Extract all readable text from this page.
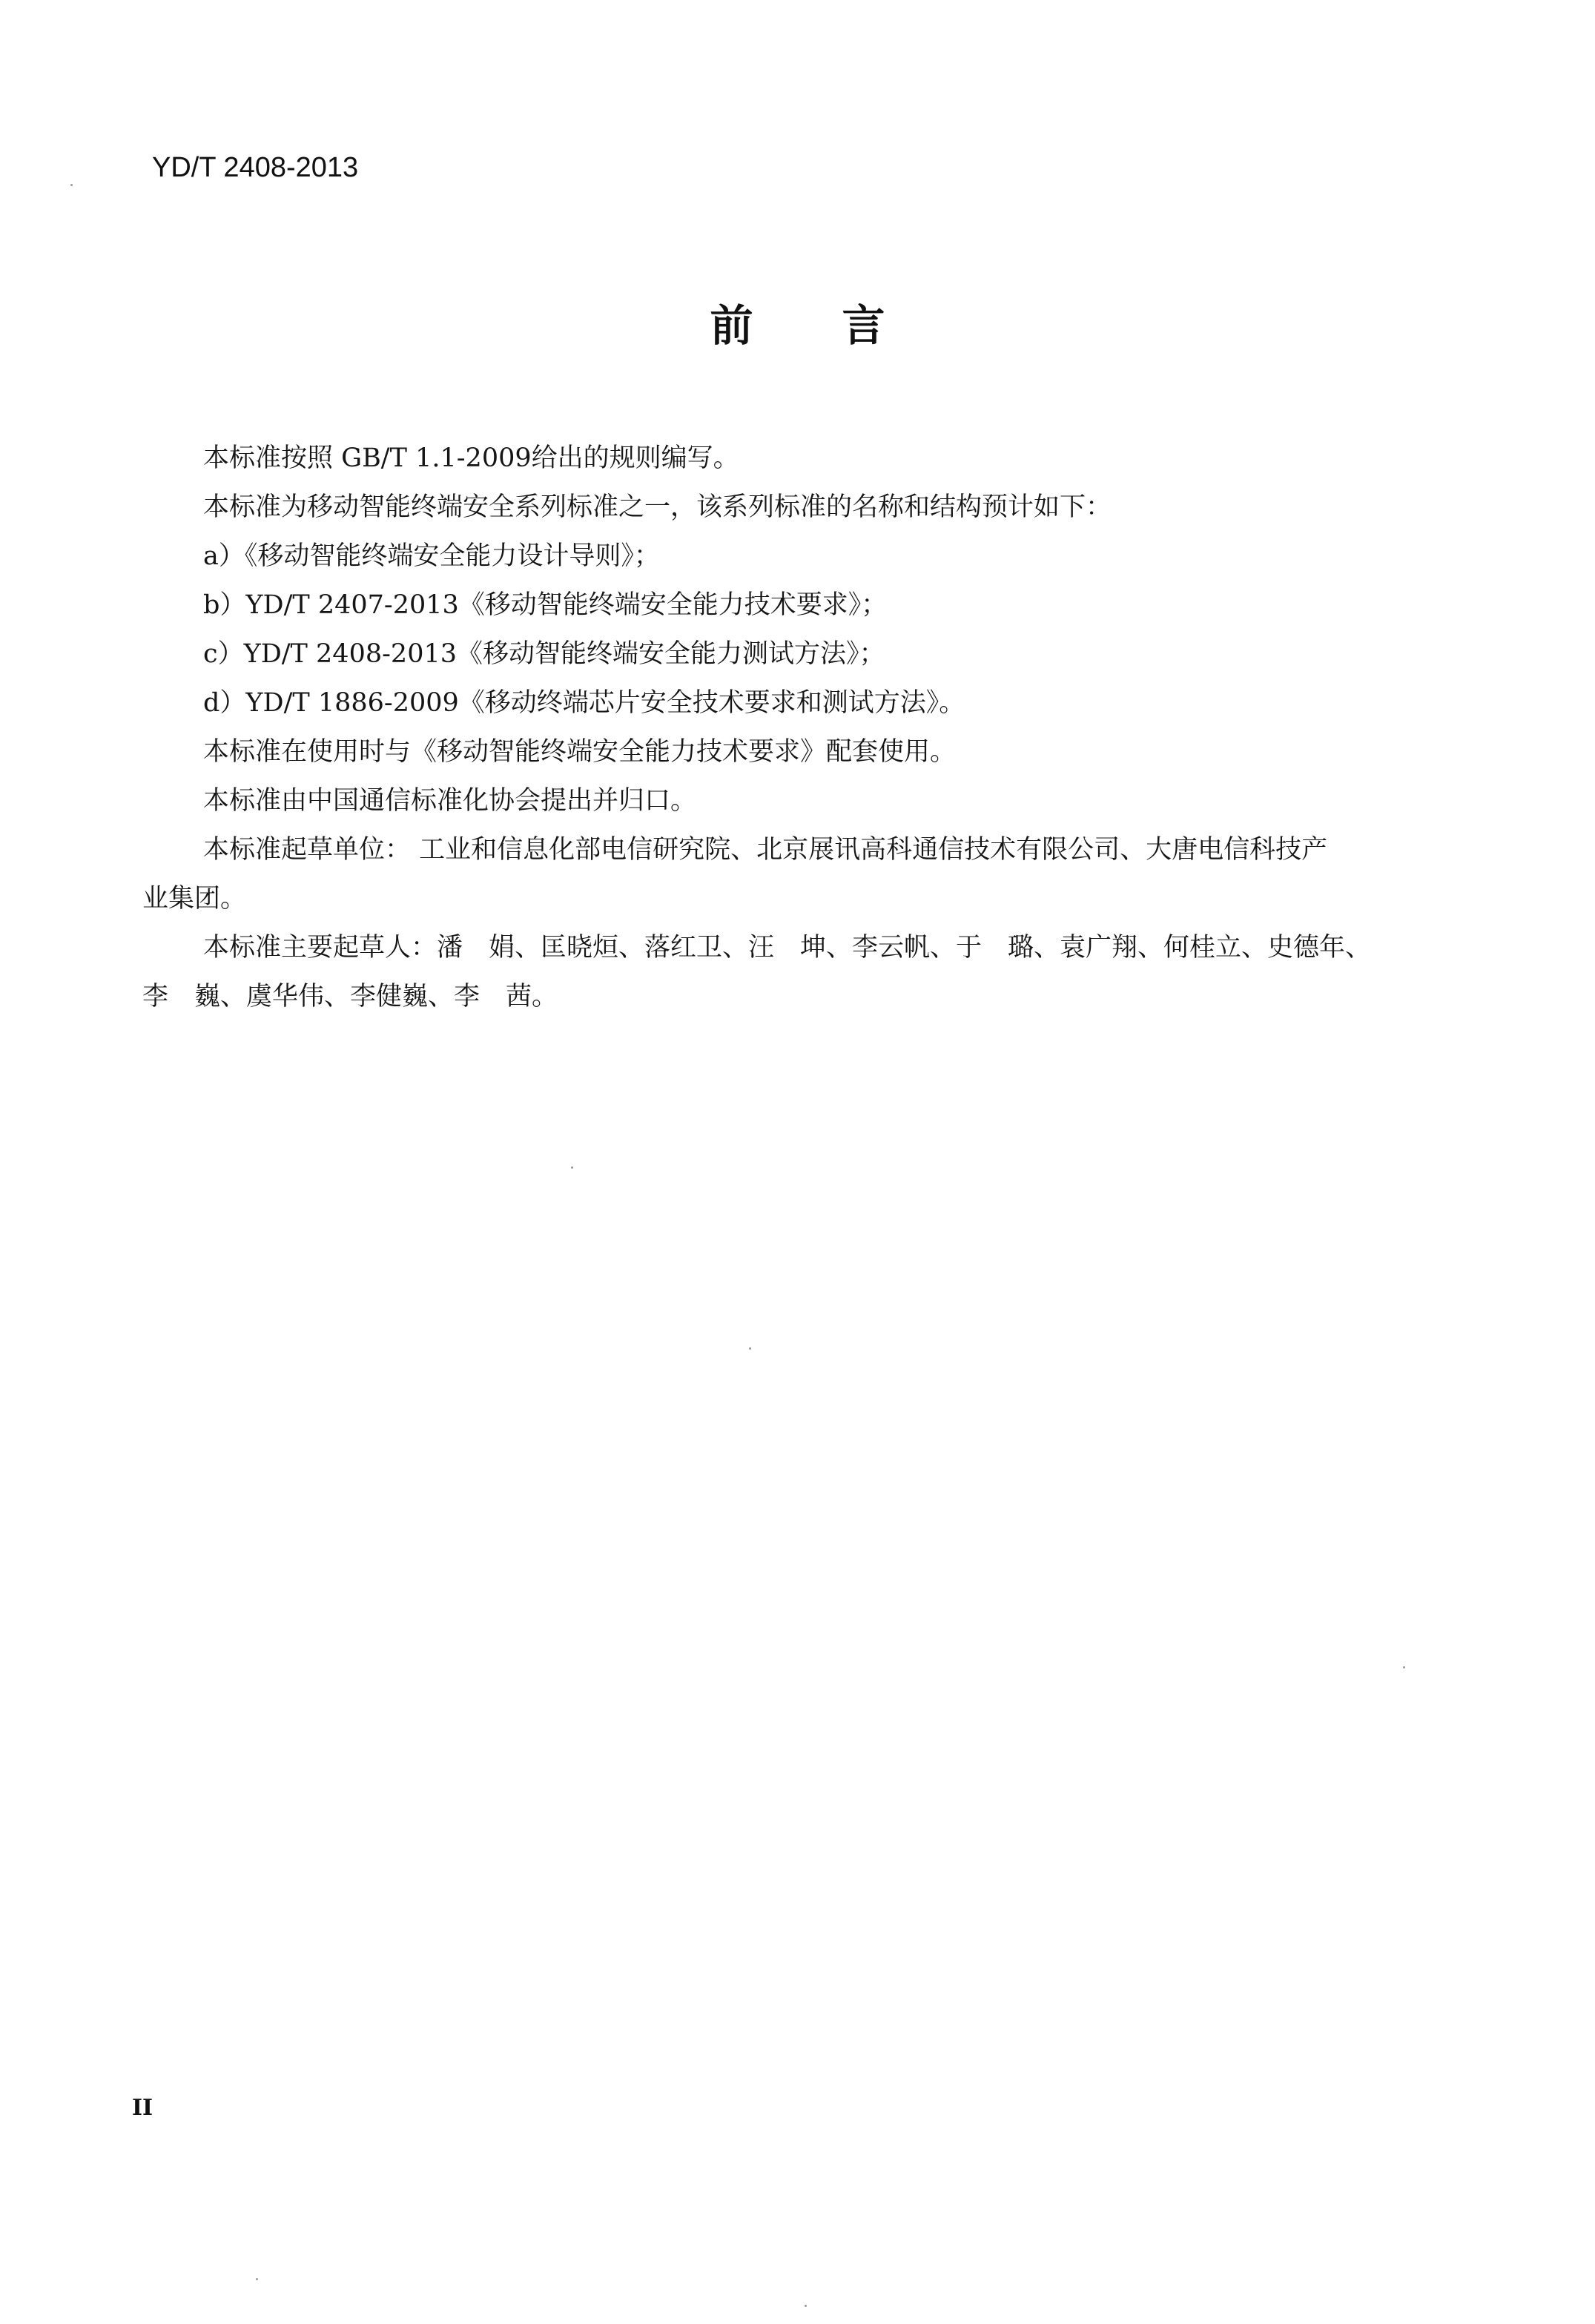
YD/T 2408-2013
前言

本标准按照 GB/T 1.1-2009给出的规则编写。

本标准为移动智能终端安全系列标准之一，该系列标准的名称和结构预计如下：

a）《移动智能终端安全能力设计导则》；

b）YD/T 2407-2013《移动智能终端安全能力技术要求》；

c）YD/T 2408-2013《移动智能终端安全能力测试方法》；

d）YD/T 1886-2009《移动终端芯片安全技术要求和测试方法》。

本标准在使用时与《移动智能终端安全能力技术要求》配套使用。

本标准由中国通信标准化协会提出并归口。

本标准起草单位： 工业和信息化部电信研究院、北京展讯高科通信技术有限公司、大唐电信科技产
业集团。

本标准主要起草人：潘　娟、匡晓烜、落红卫、汪　坤、李云帆、于　璐、袁广翔、何桂立、史德年、
李　巍、虞华伟、李健巍、李　茜。

II
